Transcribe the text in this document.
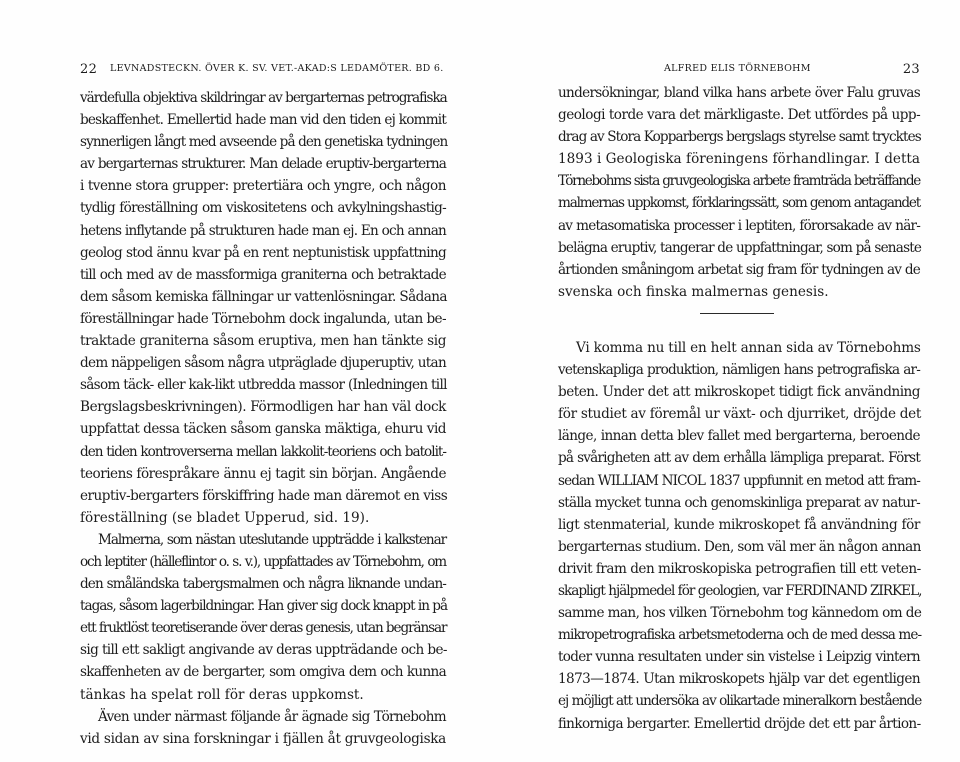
22 LEVNADSTECKN. ÖVER K. SV. VET.-AKAD:S LEDAMÖTER. BD 6.
värdefulla objektiva skildringar av bergarternas petrografiska
beskaffenhet. Emellertid hade man vid den tiden ej kommit
synnerligen långt med avseende på den genetiska tydningen
av bergarternas strukturer. Man delade eruptiv-bergarterna
i tvenne stora grupper: pretertiära och yngre, och någon
tydlig föreställning om viskositetens och avkylningshastig-
hetens inflytande på strukturen hade man ej. En och annan
geolog stod ännu kvar på en rent neptunistisk uppfattning
till och med av de massformiga graniterna och betraktade
dem såsom kemiska fällningar ur vattenlösningar. Sådana
föreställningar hade Törnebohm dock ingalunda, utan be-
traktade graniterna såsom eruptiva, men han tänkte sig
dem näppeligen såsom några utpräglade djuperuptiv, utan
såsom täck- eller kak-likt utbredda massor (Inledningen till
Bergslagsbeskrivningen). Förmodligen har han väl dock
uppfattat dessa täcken såsom ganska mäktiga, ehuru vid
den tiden kontroverserna mellan lakkolit-teoriens och batolit-
teoriens förespråkare ännu ej tagit sin början. Angående
eruptiv-bergarters förskiffring hade man däremot en viss
föreställning (se bladet Upperud, sid. 19).
Malmerna, som nästan uteslutande uppträdde i kalkstenar
och leptiter (hälleflintor o. s. v.), uppfattades av Törnebohm, om
den småländska tabergsmalmen och några liknande undan-
tagas, såsom lagerbildningar. Han giver sig dock knappt in på
ett fruktlöst teoretiserande över deras genesis, utan begränsar
sig till ett sakligt angivande av deras uppträdande och be-
skaffenheten av de bergarter, som omgiva dem och kunna
tänkas ha spelat roll för deras uppkomst.
Även under närmast följande år ägnade sig Törnebohm
vid sidan av sina forskningar i fjällen åt gruvgeologiska
ALFRED ELIS TÖRNEBOHM	23
undersökningar, bland vilka hans arbete över Falu gruvas
geologi torde vara det märkligaste. Det utfördes på upp-
drag av Stora Kopparbergs bergslags styrelse samt trycktes
1893 i Geologiska föreningens förhandlingar. I detta
Törnebohms sista gruvgeologiska arbete framträda beträffande
malmernas uppkomst, förklaringssätt, som genom antagandet
av metasomatiska processer i leptiten, förorsakade av när-
belägna eruptiv, tangerar de uppfattningar, som på senaste
årtionden småningom arbetat sig fram för tydningen av de
svenska och finska malmernas genesis.
Vi komma nu till en helt annan sida av Törnebohms
vetenskapliga produktion, nämligen hans petrografiska ar-
beten. Under det att mikroskopet tidigt fick användning
för studiet av föremål ur växt- och djurriket, dröjde det
länge, innan detta blev fallet med bergarterna, beroende
på svårigheten att av dem erhålla lämpliga preparat. Först
sedan WILLIAM NICOL 1837 uppfunnit en metod att fram-
ställa mycket tunna och genomskinliga preparat av natur-
ligt stenmaterial, kunde mikroskopet få användning för
bergarternas studium. Den, som väl mer än någon annan
drivit fram den mikroskopiska petrografien till ett veten-
skapligt hjälpmedel för geologien, var FERDINAND ZIRKEL,
samme man, hos vilken Törnebohm tog kännedom om de
mikropetrografiska arbetsmetoderna och de med dessa me-
toder vunna resultaten under sin vistelse i Leipzig vintern
1873—1874. Utan mikroskopets hjälp var det egentligen
ej möjligt att undersöka av olikartade mineralkorn bestående
finkorniga bergarter. Emellertid dröjde det ett par årtion-
